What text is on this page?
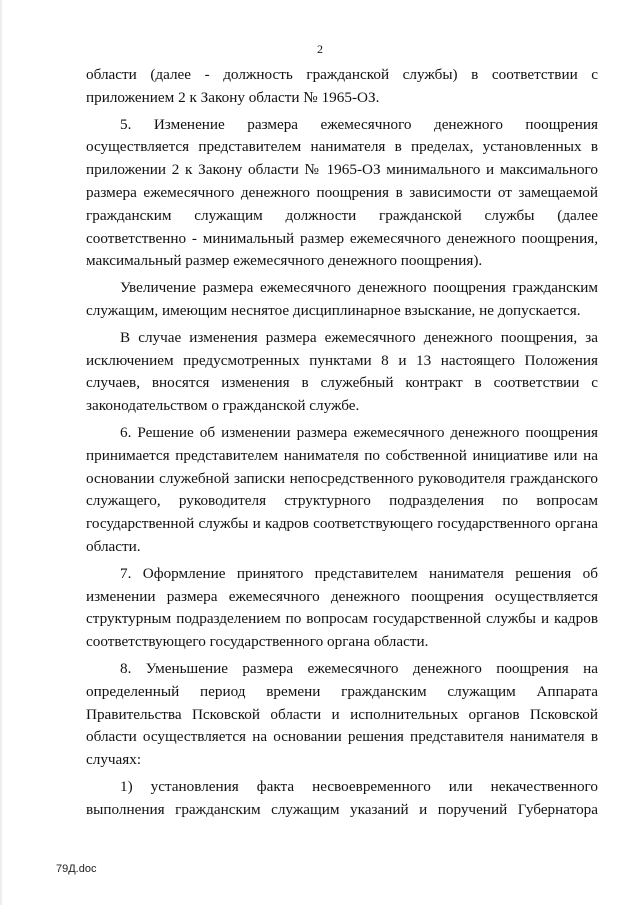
2

области (далее - должность гражданской службы) в соответствии с приложением 2 к Закону области № 1965-ОЗ.

5. Изменение размера ежемесячного денежного поощрения осуществляется представителем нанимателя в пределах, установленных в приложении 2 к Закону области № 1965-ОЗ минимального и максимального размера ежемесячного денежного поощрения в зависимости от замещаемой гражданским служащим должности гражданской службы (далее соответственно - минимальный размер ежемесячного денежного поощрения, максимальный размер ежемесячного денежного поощрения).

Увеличение размера ежемесячного денежного поощрения гражданским служащим, имеющим неснятое дисциплинарное взыскание, не допускается.

В случае изменения размера ежемесячного денежного поощрения, за исключением предусмотренных пунктами 8 и 13 настоящего Положения случаев, вносятся изменения в служебный контракт в соответствии с законодательством о гражданской службе.

6. Решение об изменении размера ежемесячного денежного поощрения принимается представителем нанимателя по собственной инициативе или на основании служебной записки непосредственного руководителя гражданского служащего, руководителя структурного подразделения по вопросам государственной службы и кадров соответствующего государственного органа области.

7. Оформление принятого представителем нанимателя решения об изменении размера ежемесячного денежного поощрения осуществляется структурным подразделением по вопросам государственной службы и кадров соответствующего государственного органа области.

8. Уменьшение размера ежемесячного денежного поощрения на определенный период времени гражданским служащим Аппарата Правительства Псковской области и исполнительных органов Псковской области осуществляется на основании решения представителя нанимателя в случаях:

1) установления факта несвоевременного или некачественного выполнения гражданским служащим указаний и поручений Губернатора

79Д.doc
